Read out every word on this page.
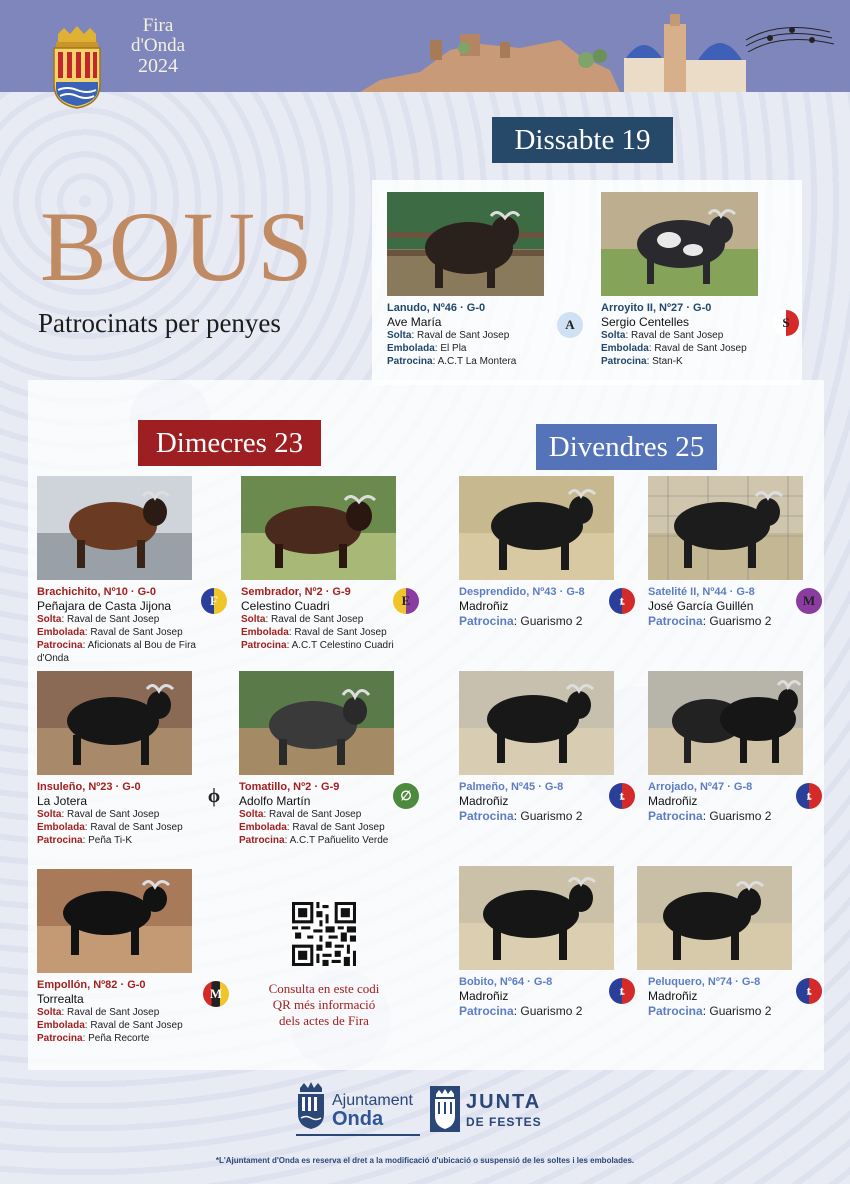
Fira
d'Onda
2024
BOUS
Patrocinats per penyes
Dissabte 19
Dimecres 23	Divendres 25
Lanudo, Nº46 · G-0
Ave María
Solta: Raval de Sant Josep
Embolada: El Pla
Patrocina: A.C.T La Montera
A
Arroyito II, Nº27 · G-0
Sergio Centelles
Solta: Raval de Sant Josep
Embolada: Raval de Sant Josep
Patrocina: Stan-K
S
Brachichito, Nº10 · G-0
Peñajara de Casta Jijona
Solta: Raval de Sant Josep
Embolada: Raval de Sant Josep
Patrocina: Aficionats al Bou de Fira
d'Onda
F
Sembrador, Nº2 · G-9
Celestino Cuadri
Solta: Raval de Sant Josep
Embolada: Raval de Sant Josep
Patrocina: A.C.T Celestino Cuadri
E
Insuleño, Nº23 · G-0
La Jotera
Solta: Raval de Sant Josep
Embolada: Raval de Sant Josep
Patrocina: Peña Ti-K
ϕ	Tomatillo, Nº2 · G-9
Adolfo Martín
Solta: Raval de Sant Josep
Embolada: Raval de Sant Josep
Patrocina: A.C.T Pañuelito Verde
∅
Empollón, Nº82 · G-0
Torrealta
Solta: Raval de Sant Josep
Embolada: Raval de Sant Josep
Patrocina: Peña Recorte
M	Consulta en este codi
QR més informació
dels actes de Fira
Desprendido, Nº43 · G-8
Madroñiz
Patrocina: Guarismo 2
ȶ
Satelité II, Nº44 · G-8
José García Guillén
Patrocina: Guarismo 2
M
Palmeño, Nº45 · G-8
Madroñiz
Patrocina: Guarismo 2
ȶ
Arrojado, Nº47 · G-8
Madroñiz
Patrocina: Guarismo 2
ȶ
Bobito, Nº64 · G-8
Madroñiz
Patrocina: Guarismo 2
ȶ
Peluquero, Nº74 · G-8
Madroñiz
Patrocina: Guarismo 2
ȶ
Ajuntament
Onda
JUNTA
DE FESTES
*L'Ajuntament d'Onda es reserva el dret a la modificació d'ubicació o suspensió de les soltes i les embolades.
